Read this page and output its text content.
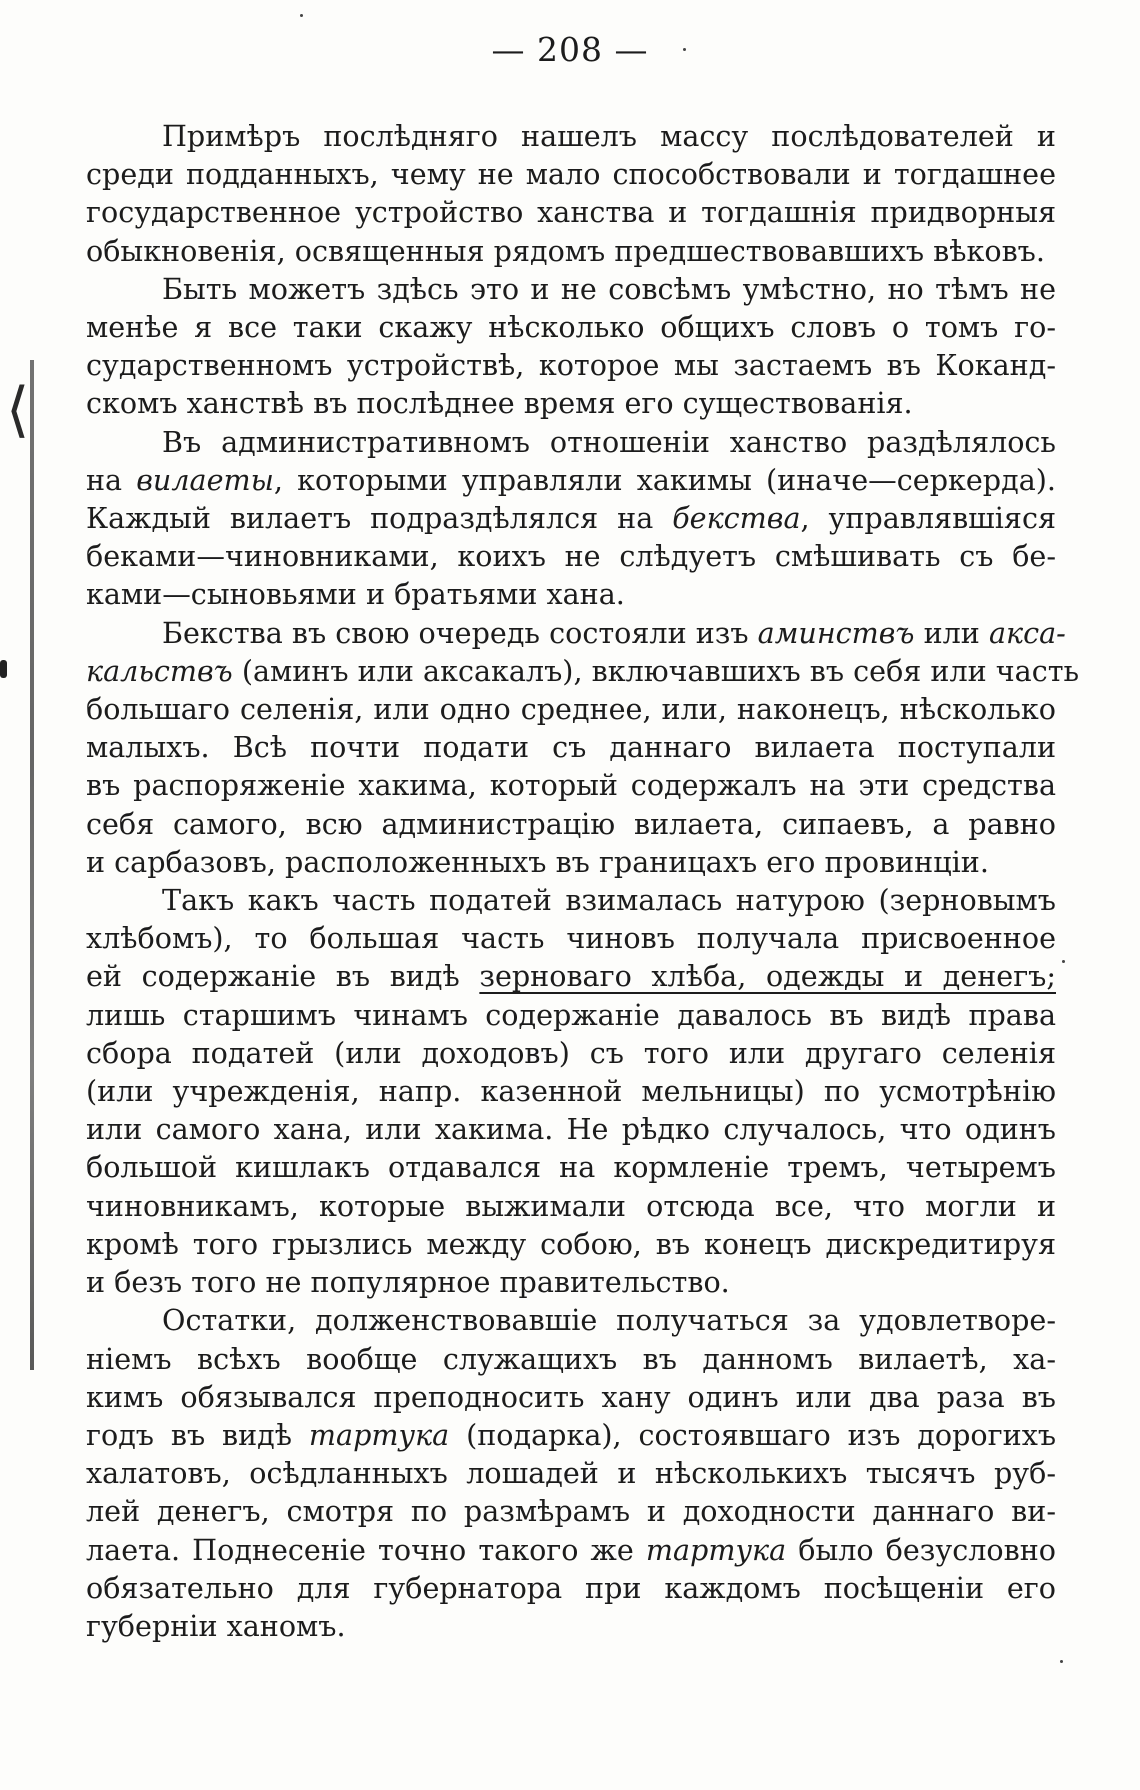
— 208 —
⟨
Примѣръ послѣдняго нашелъ массу послѣдователей и
среди подданныхъ, чему не мало способствовали и тогдашнее
государственное устройство ханства и тогдашнія придворныя
обыкновенія, освященныя рядомъ предшествовавшихъ вѣковъ.
Быть можетъ здѣсь это и не совсѣмъ умѣстно, но тѣмъ не
менѣе я все таки скажу нѣсколько общихъ словъ о томъ го-
сударственномъ устройствѣ, которое мы застаемъ въ Коканд-
скомъ ханствѣ въ послѣднее время его существованія.
Въ административномъ отношеніи ханство раздѣлялось
на вилаеты, которыми управляли хакимы (иначе—серкерда).
Каждый вилаетъ подраздѣлялся на бекства, управлявшіяся
беками—чиновниками, коихъ не слѣдуетъ смѣшивать съ бе-
ками—сыновьями и братьями хана.
Бекства въ свою очередь состояли изъ аминствъ или акса-
кальствъ (аминъ или аксакалъ), включавшихъ въ себя или часть
большаго селенія, или одно среднее, или, наконецъ, нѣсколько
малыхъ. Всѣ почти подати съ даннаго вилаета поступали
въ распоряженіе хакима, который содержалъ на эти средства
себя самого, всю администрацію вилаета, сипаевъ, а равно
и сарбазовъ, расположенныхъ въ границахъ его провинціи.
Такъ какъ часть податей взималась натурою (зерновымъ
хлѣбомъ), то большая часть чиновъ получала присвоенное
ей содержаніе въ видѣ зерноваго хлѣба, одежды и денегъ;
лишь старшимъ чинамъ содержаніе давалось въ видѣ права
сбора податей (или доходовъ) съ того или другаго селенія
(или учрежденія, напр. казенной мельницы) по усмотрѣнію
или самого хана, или хакима. Не рѣдко случалось, что одинъ
большой кишлакъ отдавался на кормленіе тремъ, четыремъ
чиновникамъ, которые выжимали отсюда все, что могли и
кромѣ того грызлись между собою, въ конецъ дискредитируя
и безъ того не популярное правительство.
Остатки, долженствовавшіе получаться за удовлетворе-
ніемъ всѣхъ вообще служащихъ въ данномъ вилаетѣ, ха-
кимъ обязывался преподносить хану одинъ или два раза въ
годъ въ видѣ тартука (подарка), состоявшаго изъ дорогихъ
халатовъ, осѣдланныхъ лошадей и нѣсколькихъ тысячъ руб-
лей денегъ, смотря по размѣрамъ и доходности даннаго ви-
лаета. Поднесеніе точно такого же тартука было безусловно
обязательно для губернатора при каждомъ посѣщеніи его
губерніи ханомъ.
